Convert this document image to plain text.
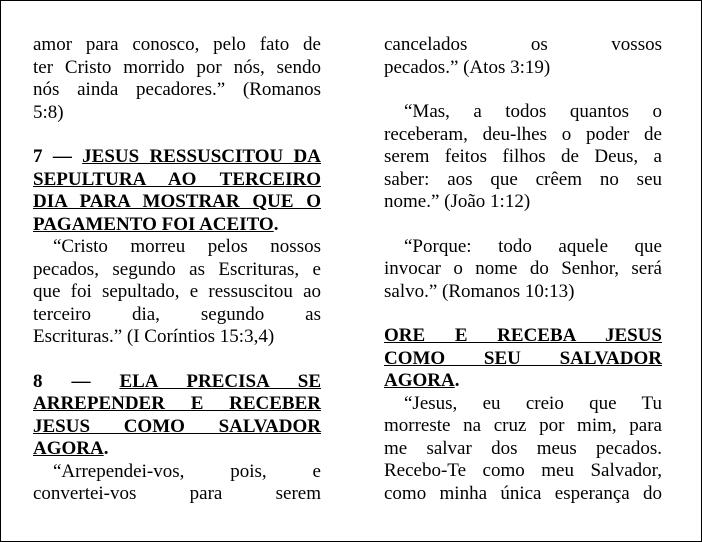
amor para conosco, pelo fato de
ter Cristo morrido por nós, sendo
nós ainda pecadores.” (Romanos
5:8)

7 — JESUS RESSUSCITOU DA
SEPULTURA AO TERCEIRO
DIA PARA MOSTRAR QUE O
PAGAMENTO FOI ACEITO.

“Cristo morreu pelos nossos
pecados, segundo as Escrituras, e
que foi sepultado, e ressuscitou ao
terceiro dia, segundo as
Escrituras.” (I Coríntios 15:3,4)

8 — ELA PRECISA SE
ARREPENDER E RECEBER
JESUS COMO SALVADOR
AGORA.

“Arrependei-vos, pois, e
convertei-vos para serem

cancelados os vossos
pecados.” (Atos 3:19)

“Mas, a todos quantos o
receberam, deu-lhes o poder de
serem feitos filhos de Deus, a
saber: aos que crêem no seu
nome.” (João 1:12)

“Porque: todo aquele que
invocar o nome do Senhor, será
salvo.” (Romanos 10:13)

ORE E RECEBA JESUS
COMO SEU SALVADOR
AGORA.

“Jesus, eu creio que Tu
morreste na cruz por mim, para
me salvar dos meus pecados.
Recebo-Te como meu Salvador,
como minha única esperança do
